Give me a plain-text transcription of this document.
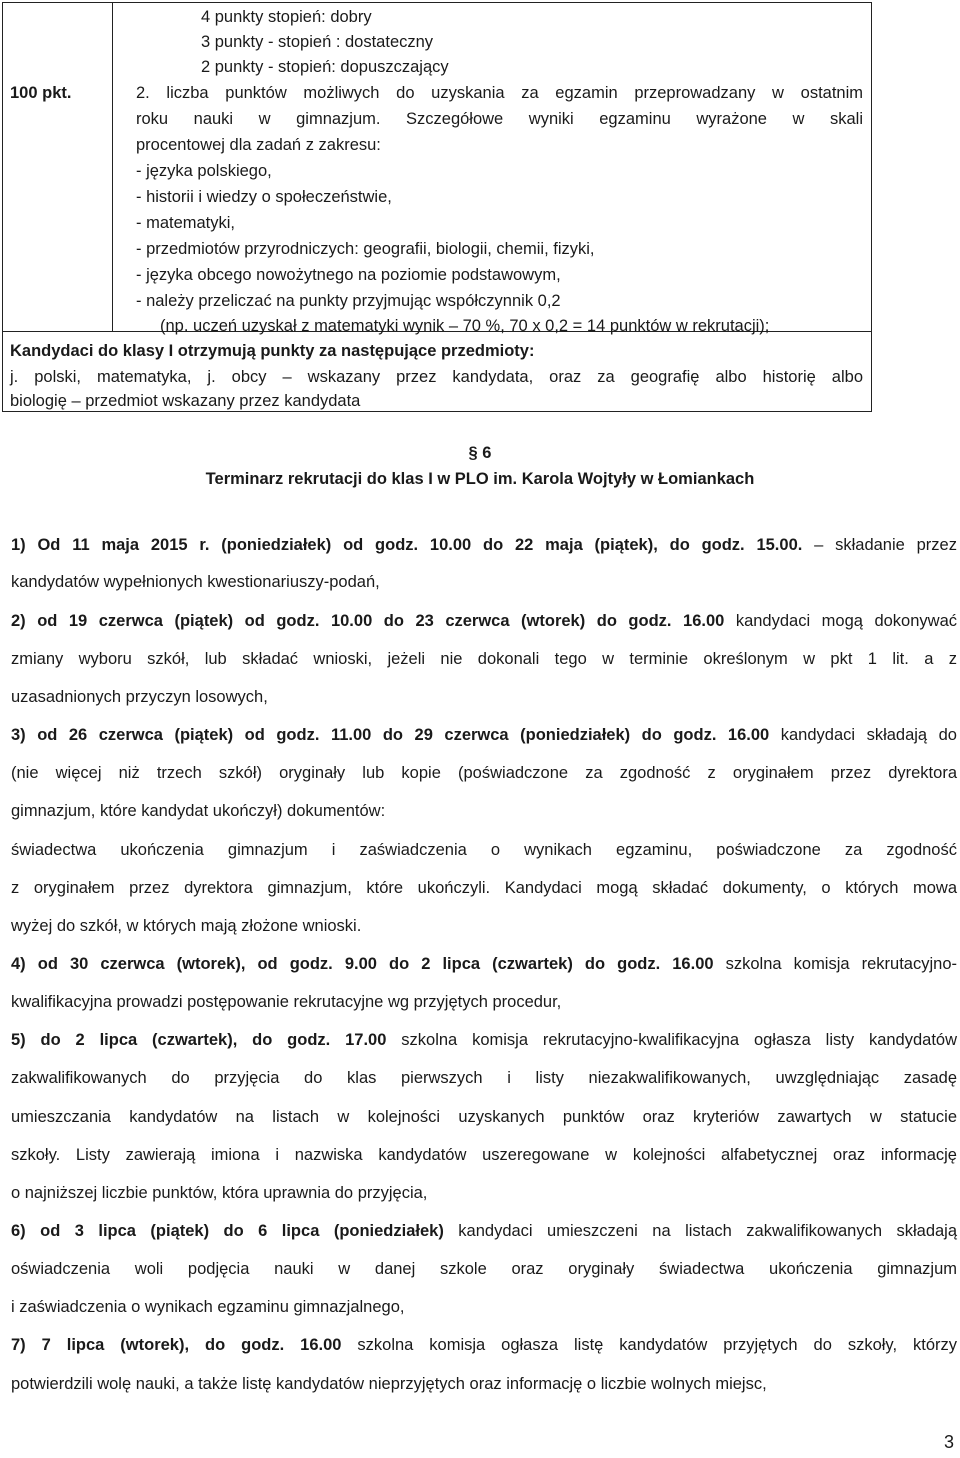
4 punkty stopień: dobry
3 punkty - stopień : dostateczny
2 punkty - stopień: dopuszczający
100 pkt.	2. liczba punktów możliwych do uzyskania za egzamin przeprowadzany w ostatnim
roku nauki w gimnazjum. Szczegółowe wyniki egzaminu wyrażone w skali
procentowej dla zadań z zakresu:
- języka polskiego,
- historii i wiedzy o społeczeństwie,
- matematyki,
- przedmiotów przyrodniczych: geografii, biologii, chemii, fizyki,
- języka obcego nowożytnego na poziomie podstawowym,
- należy przeliczać na punkty przyjmując współczynnik 0,2
(np. uczeń uzyskał z matematyki wynik – 70 %, 70 x 0,2 = 14 punktów w rekrutacji);
Kandydaci do klasy I otrzymują punkty za następujące przedmioty:
j. polski, matematyka, j. obcy – wskazany przez kandydata, oraz za geografię albo historię albo
biologię – przedmiot wskazany przez kandydata
§ 6
Terminarz rekrutacji do klas I w PLO im. Karola Wojtyły w Łomiankach
1) Od 11 maja 2015 r. (poniedziałek) od godz. 10.00 do 22 maja (piątek), do godz. 15.00. – składanie przez
kandydatów wypełnionych kwestionariuszy-podań,
2) od 19 czerwca (piątek) od godz. 10.00 do 23 czerwca (wtorek) do godz. 16.00 kandydaci mogą dokonywać
zmiany wyboru szkół, lub składać wnioski, jeżeli nie dokonali tego w terminie określonym w pkt 1 lit. a z
uzasadnionych przyczyn losowych,
3) od 26 czerwca (piątek) od godz. 11.00 do 29 czerwca (poniedziałek) do godz. 16.00 kandydaci składają do
(nie więcej niż trzech szkół) oryginały lub kopie (poświadczone za zgodność z oryginałem przez dyrektora
gimnazjum, które kandydat ukończył) dokumentów:
świadectwa ukończenia gimnazjum i zaświadczenia o wynikach egzaminu, poświadczone za zgodność
z oryginałem przez dyrektora gimnazjum, które ukończyli. Kandydaci mogą składać dokumenty, o których mowa
wyżej do szkół, w których mają złożone wnioski.
4) od 30 czerwca (wtorek), od godz. 9.00 do 2 lipca (czwartek) do godz. 16.00 szkolna komisja rekrutacyjno-
kwalifikacyjna prowadzi postępowanie rekrutacyjne wg przyjętych procedur,
5) do 2 lipca (czwartek), do godz. 17.00 szkolna komisja rekrutacyjno-kwalifikacyjna ogłasza listy kandydatów
zakwalifikowanych do przyjęcia do klas pierwszych i listy niezakwalifikowanych, uwzględniając zasadę
umieszczania kandydatów na listach w kolejności uzyskanych punktów oraz kryteriów zawartych w statucie
szkoły. Listy zawierają imiona i nazwiska kandydatów uszeregowane w kolejności alfabetycznej oraz informację
o najniższej liczbie punktów, która uprawnia do przyjęcia,
6) od 3 lipca (piątek) do 6 lipca (poniedziałek) kandydaci umieszczeni na listach zakwalifikowanych składają
oświadczenia woli podjęcia nauki w danej szkole oraz oryginały świadectwa ukończenia gimnazjum
i zaświadczenia o wynikach egzaminu gimnazjalnego,
7) 7 lipca (wtorek), do godz. 16.00 szkolna komisja ogłasza listę kandydatów przyjętych do szkoły, którzy
potwierdzili wolę nauki, a także listę kandydatów nieprzyjętych oraz informację o liczbie wolnych miejsc,
3
